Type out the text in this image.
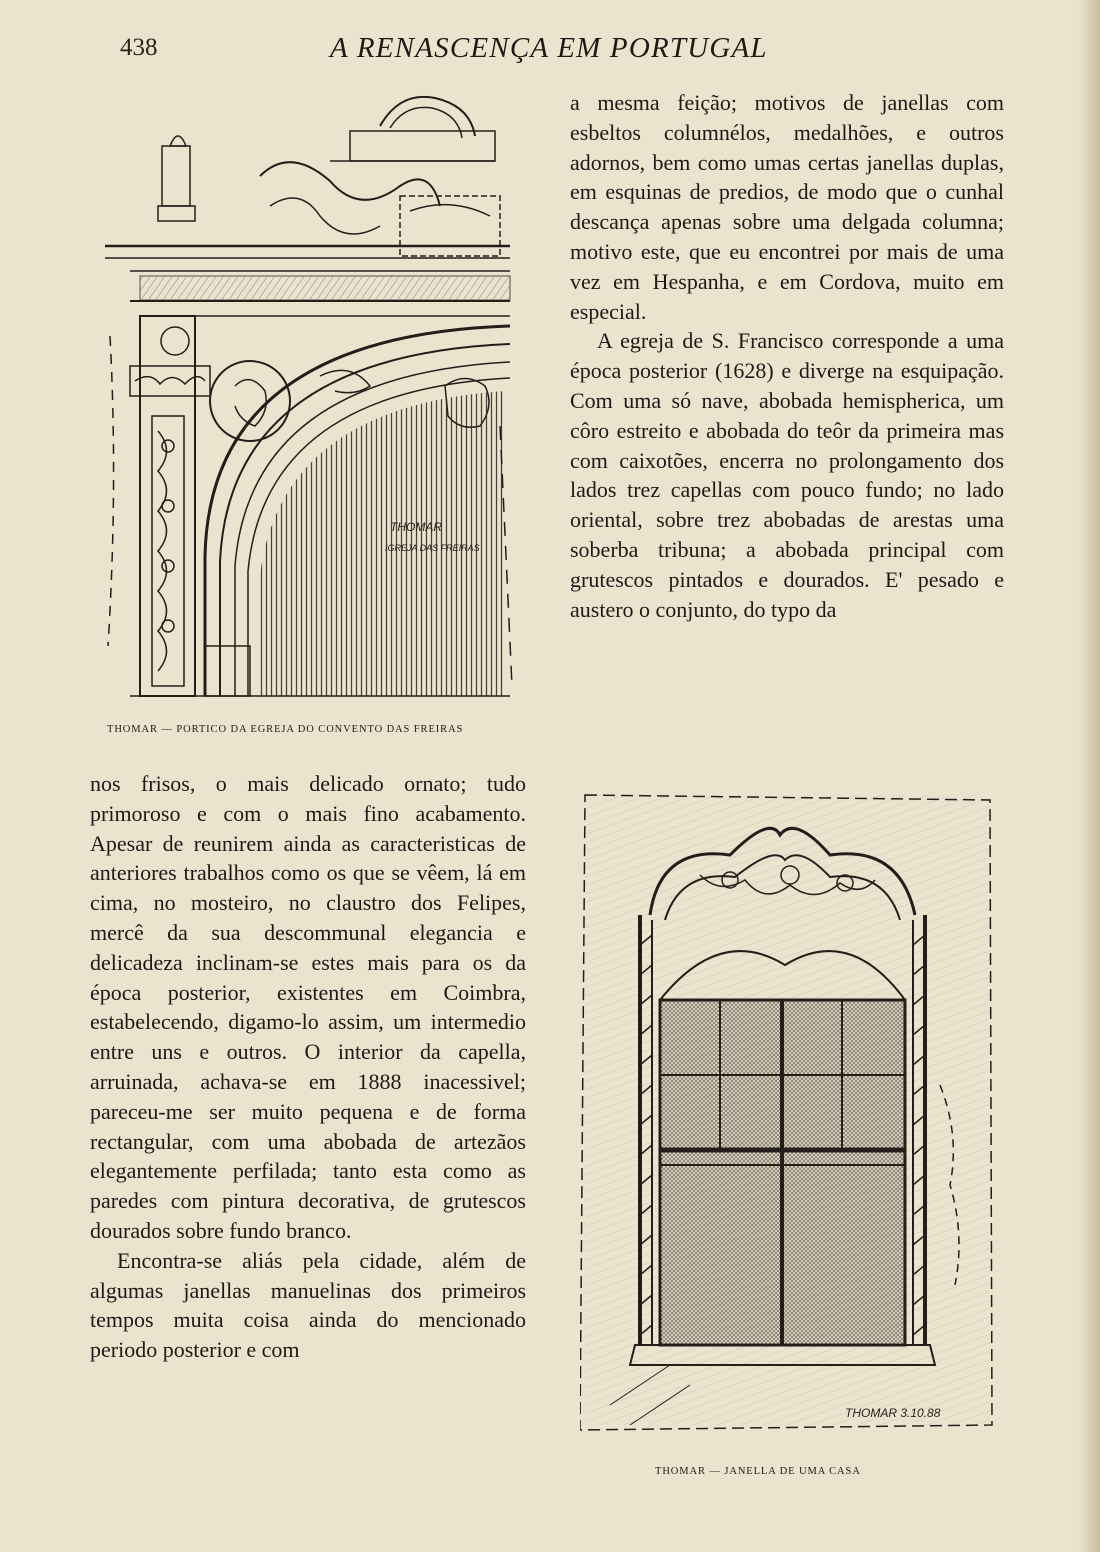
438	A RENASCENÇA EM PORTUGAL
THOMAR
IGREJA DAS FREIRAS
THOMAR — PORTICO DA EGREJA DO CONVENTO DAS FREIRAS

a mesma feição; motivos de janellas com esbeltos columnélos, medalhões, e outros adornos, bem como umas certas janellas duplas, em esquinas de predios, de modo que o cunhal descança apenas sobre uma delgada columna; motivo este, que eu encontrei por mais de uma vez em Hespanha, e em Cordova, muito em especial.

A egreja de S. Francisco corresponde a uma época posterior (1628) e diverge na esquipação. Com uma só nave, abobada hemispherica, um côro estreito e abobada do teôr da primeira mas com caixotões, encerra no prolongamento dos lados trez capellas com pouco fundo; no lado oriental, sobre trez abobadas de arestas uma soberba tribuna; a abobada principal com grutescos pintados e dourados. E' pesado e austero o conjunto, do typo da

nos frisos, o mais delicado ornato; tudo primoroso e com o mais fino acabamento. Apesar de reunirem ainda as caracteristicas de anteriores trabalhos como os que se vêem, lá em cima, no mosteiro, no claustro dos Felipes, mercê da sua descommunal elegancia e delicadeza inclinam-se estes mais para os da época posterior, existentes em Coimbra, estabelecendo, digamo-lo assim, um intermedio entre uns e outros. O interior da capella, arruinada, achava-se em 1888 inacessivel; pareceu-me ser muito pequena e de forma rectangular, com uma abobada de artezãos elegantemente perfilada; tanto esta como as paredes com pintura decorativa, de grutescos dourados sobre fundo branco.

Encontra-se aliás pela cidade, além de algumas janellas manuelinas dos primeiros tempos muita coisa ainda do mencionado periodo posterior e com

THOMAR 3.10.88
THOMAR — JANELLA DE UMA CASA
